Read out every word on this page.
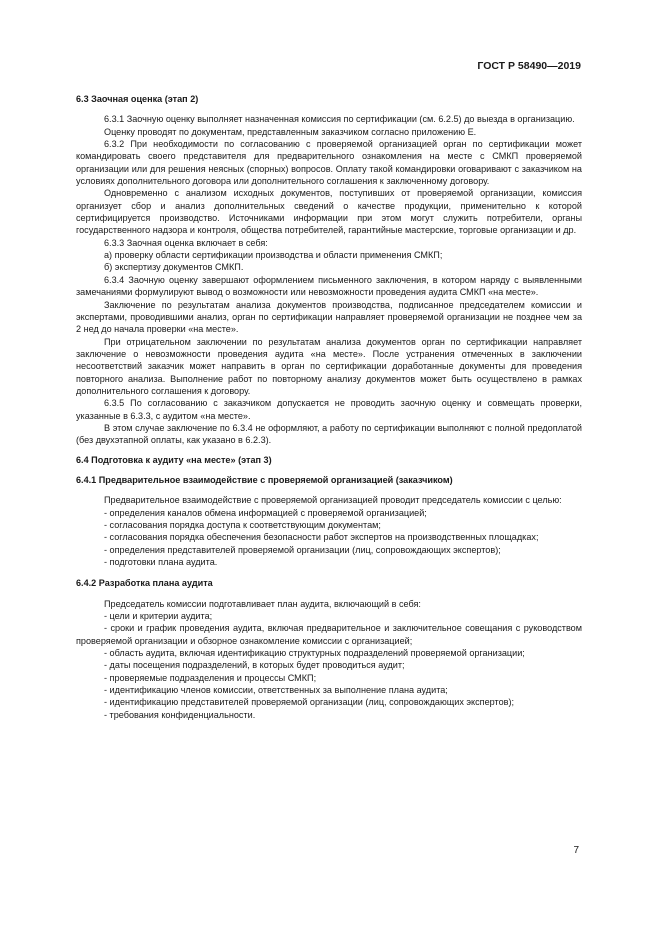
ГОСТ Р 58490—2019

6.3 Заочная оценка (этап 2)

6.3.1 Заочную оценку выполняет назначенная комиссия по сертификации (см. 6.2.5) до выезда в организацию.

Оценку проводят по документам, представленным заказчиком согласно приложению Е.

6.3.2 При необходимости по согласованию с проверяемой организацией орган по сертификации может командировать своего представителя для предварительного ознакомления на месте с СМКП проверяемой организации или для решения неясных (спорных) вопросов. Оплату такой командировки оговаривают с заказчиком на условиях дополнительного договора или дополнительного соглашения к заключенному договору.

Одновременно с анализом исходных документов, поступивших от проверяемой организации, комиссия организует сбор и анализ дополнительных сведений о качестве продукции, применительно к которой сертифицируется производство. Источниками информации при этом могут служить потребители, органы государственного надзора и контроля, общества потребителей, гарантийные мастерские, торговые организации и др.

6.3.3 Заочная оценка включает в себя:

а) проверку области сертификации производства и области применения СМКП;

б) экспертизу документов СМКП.

6.3.4 Заочную оценку завершают оформлением письменного заключения, в котором наряду с выявленными замечаниями формулируют вывод о возможности или невозможности проведения аудита СМКП «на месте».

Заключение по результатам анализа документов производства, подписанное председателем комиссии и экспертами, проводившими анализ, орган по сертификации направляет проверяемой организации не позднее чем за 2 нед до начала проверки «на месте».

При отрицательном заключении по результатам анализа документов орган по сертификации направляет заключение о невозможности проведения аудита «на месте». После устранения отмеченных в заключении несоответствий заказчик может направить в орган по сертификации доработанные документы для проведения повторного анализа. Выполнение работ по повторному анализу документов может быть осуществлено в рамках дополнительного соглашения к договору.

6.3.5 По согласованию с заказчиком допускается не проводить заочную оценку и совмещать проверки, указанные в 6.3.3, с аудитом «на месте».

В этом случае заключение по 6.3.4 не оформляют, а работу по сертификации выполняют с полной предоплатой (без двухэтапной оплаты, как указано в 6.2.3).

6.4 Подготовка к аудиту «на месте» (этап 3)

6.4.1 Предварительное взаимодействие с проверяемой организацией (заказчиком)

Предварительное взаимодействие с проверяемой организацией проводит председатель комиссии с целью:

- определения каналов обмена информацией с проверяемой организацией;

- согласования порядка доступа к соответствующим документам;

- согласования порядка обеспечения безопасности работ экспертов на производственных площадках;

- определения представителей проверяемой организации (лиц, сопровождающих экспертов);

- подготовки плана аудита.

6.4.2 Разработка плана аудита

Председатель комиссии подготавливает план аудита, включающий в себя:

- цели и критерии аудита;

- сроки и график проведения аудита, включая предварительное и заключительное совещания с руководством проверяемой организации и обзорное ознакомление комиссии с организацией;

- область аудита, включая идентификацию структурных подразделений проверяемой организации;

- даты посещения подразделений, в которых будет проводиться аудит;

- проверяемые подразделения и процессы СМКП;

- идентификацию членов комиссии, ответственных за выполнение плана аудита;

- идентификацию представителей проверяемой организации (лиц, сопровождающих экспертов);

- требования конфиденциальности.

7
